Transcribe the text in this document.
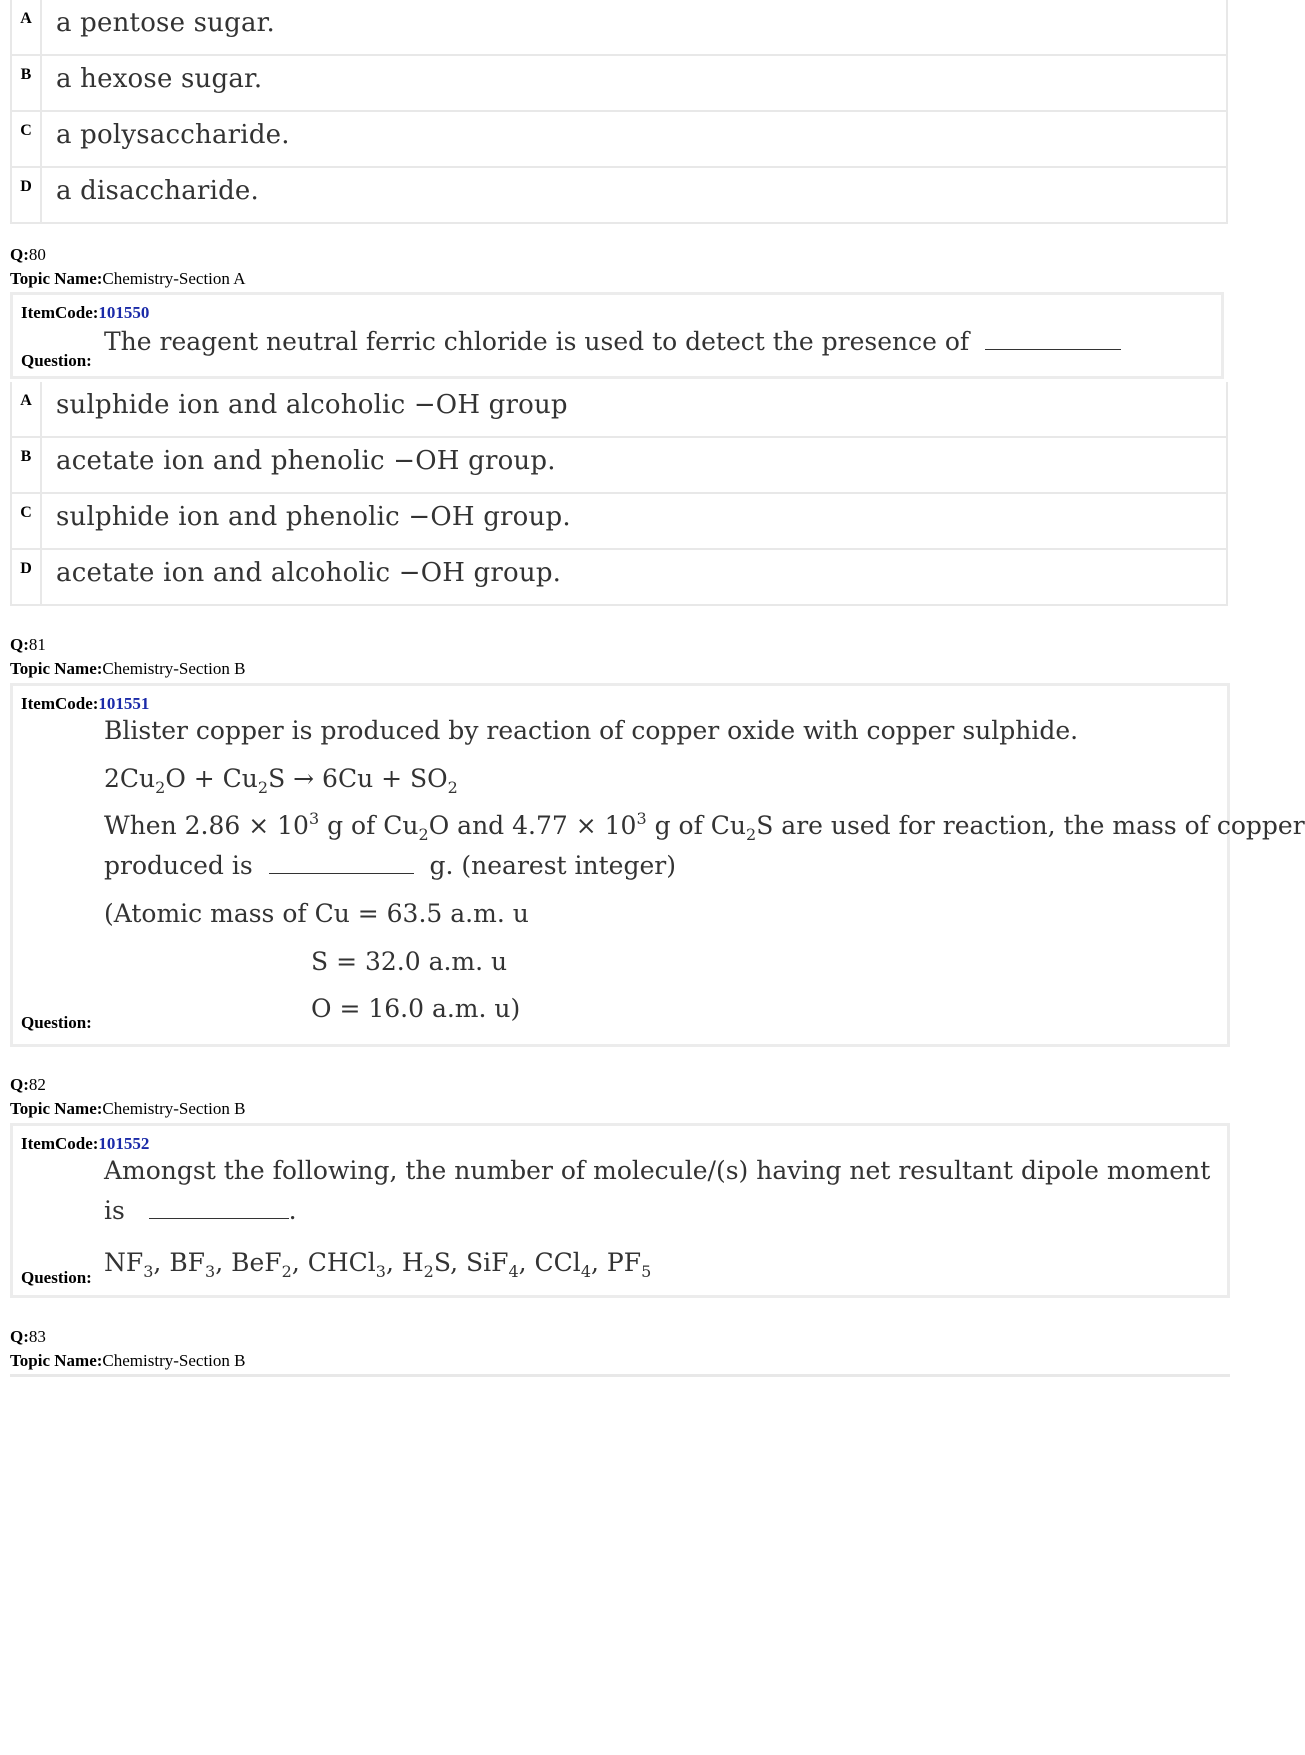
A a pentose sugar.
B a hexose sugar.
C a polysaccharide.
D a disaccharide.
Q:80
Topic Name:Chemistry-Section A
ItemCode:101550
The reagent neutral ferric chloride is used to detect the presence of
Question:
A sulphide ion and alcoholic −OH group
B acetate ion and phenolic −OH group.
C sulphide ion and phenolic −OH group.
D acetate ion and alcoholic −OH group.
Q:81
Topic Name:Chemistry-Section B
ItemCode:101551
Blister copper is produced by reaction of copper oxide with copper sulphide.
$2Cu_2O + Cu_2S \to 6Cu + SO_2$
When $2.86 \times 10^3$ g of $Cu_2O$ and $4.77 \times 10^3$ g of $Cu_2S$ are used for reaction, the mass of copper
produced is	g. (nearest integer)
(Atomic mass of Cu = 63.5 a.m. u
S = 32.0 a.m. u
O = 16.0 a.m. u)
Question:
Q:82
Topic Name:Chemistry-Section B
ItemCode:101552
Amongst the following, the number of molecule/(s) having net resultant dipole moment
is	.
$NF_3$, $BF_3$, BeF$_2$, CHCl$_3$, $H_2S$, SiF$_4$, CCl$_4$, $PF_5$
Question:
Q:83
Topic Name:Chemistry-Section B
